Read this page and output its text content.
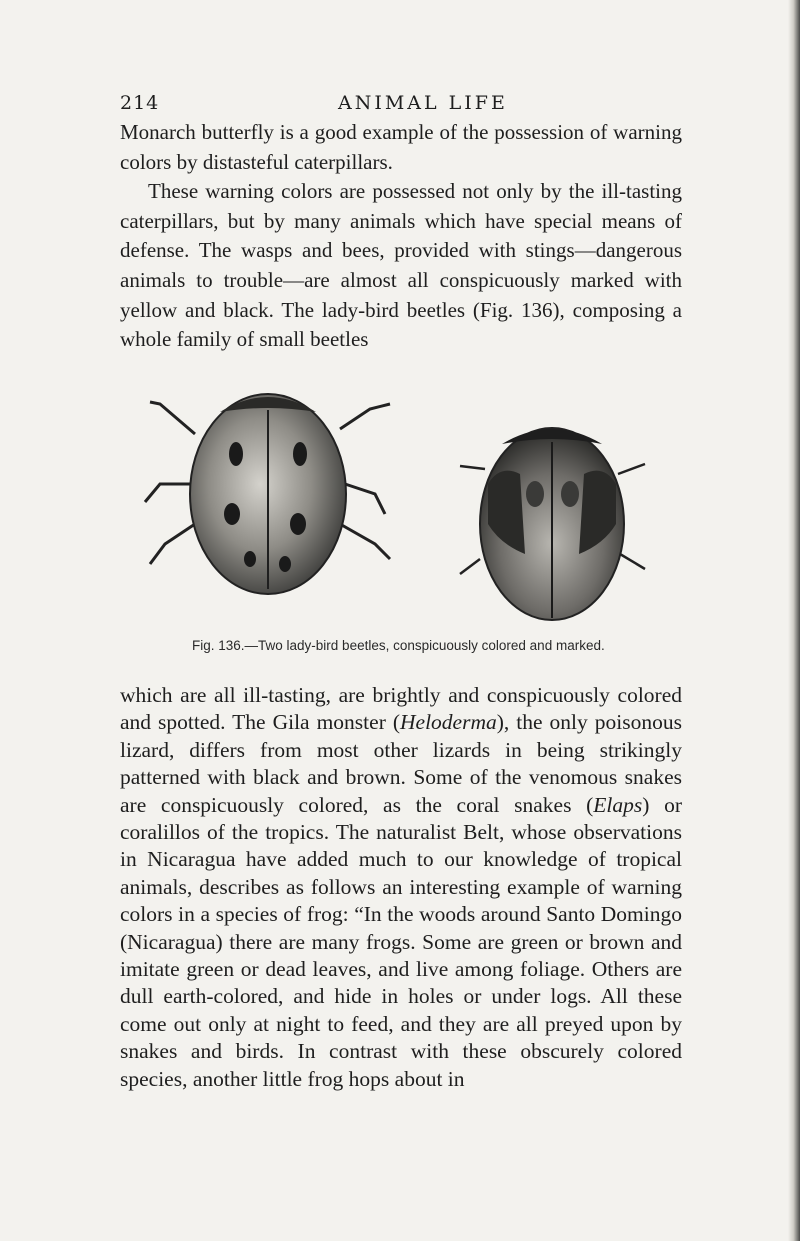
214	ANIMAL LIFE

Monarch butterfly is a good example of the possession of warning colors by distasteful caterpillars.

These warning colors are possessed not only by the ill-tasting caterpillars, but by many animals which have special means of defense. The wasps and bees, provided with stings—dangerous animals to trouble—are almost all conspicuously marked with yellow and black. The lady-bird beetles (Fig. 136), composing a whole family of small beetles

Fig. 136.—Two lady-bird beetles, conspicuously colored and marked.

which are all ill-tasting, are brightly and conspicuously colored and spotted. The Gila monster (Heloderma), the only poisonous lizard, differs from most other lizards in being strikingly patterned with black and brown. Some of the venomous snakes are conspicuously colored, as the coral snakes (Elaps) or coralillos of the tropics. The naturalist Belt, whose observations in Nicaragua have added much to our knowledge of tropical animals, describes as follows an interesting example of warning colors in a species of frog: “In the woods around Santo Domingo (Nicaragua) there are many frogs. Some are green or brown and imitate green or dead leaves, and live among foliage. Others are dull earth-colored, and hide in holes or under logs. All these come out only at night to feed, and they are all preyed upon by snakes and birds. In contrast with these obscurely colored species, another little frog hops about in
